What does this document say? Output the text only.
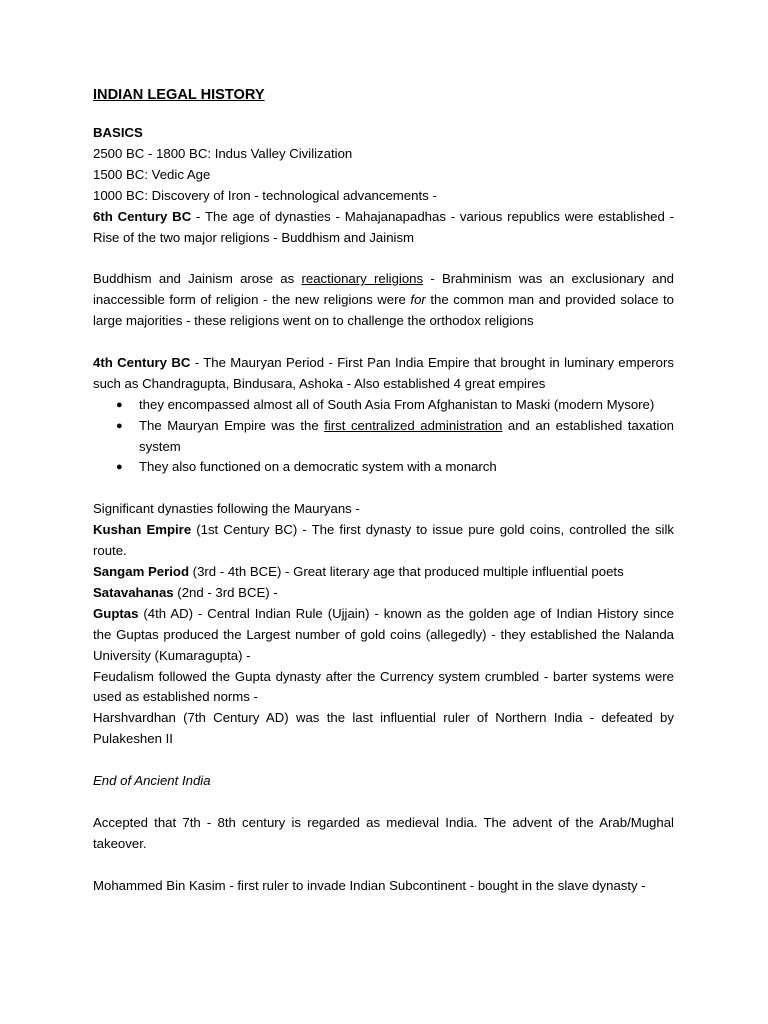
INDIAN LEGAL HISTORY

BASICS

2500 BC - 1800 BC: Indus Valley Civilization

1500 BC: Vedic Age

1000 BC: Discovery of Iron - technological advancements -

6th Century BC - The age of dynasties - Mahajanapadhas - various republics were established - Rise of the two major religions - Buddhism and Jainism

Buddhism and Jainism arose as reactionary religions - Brahminism was an exclusionary and inaccessible form of religion - the new religions were for the common man and provided solace to large majorities - these religions went on to challenge the orthodox religions

4th Century BC - The Mauryan Period - First Pan India Empire that brought in luminary emperors such as Chandragupta, Bindusara, Ashoka - Also established 4 great empires

● they encompassed almost all of South Asia From Afghanistan to Maski (modern Mysore)
● The Mauryan Empire was the first centralized administration and an established taxation system
● They also functioned on a democratic system with a monarch

Significant dynasties following the Mauryans -

Kushan Empire (1st Century BC) - The first dynasty to issue pure gold coins, controlled the silk route.

Sangam Period (3rd - 4th BCE) - Great literary age that produced multiple influential poets

Satavahanas (2nd - 3rd BCE) -

Guptas (4th AD) - Central Indian Rule (Ujjain) - known as the golden age of Indian History since the Guptas produced the Largest number of gold coins (allegedly) - they established the Nalanda University (Kumaragupta) -

Feudalism followed the Gupta dynasty after the Currency system crumbled - barter systems were used as established norms -

Harshvardhan (7th Century AD) was the last influential ruler of Northern India - defeated by Pulakeshen II

End of Ancient India

Accepted that 7th - 8th century is regarded as medieval India. The advent of the Arab/Mughal takeover.

Mohammed Bin Kasim - first ruler to invade Indian Subcontinent - bought in the slave dynasty -
